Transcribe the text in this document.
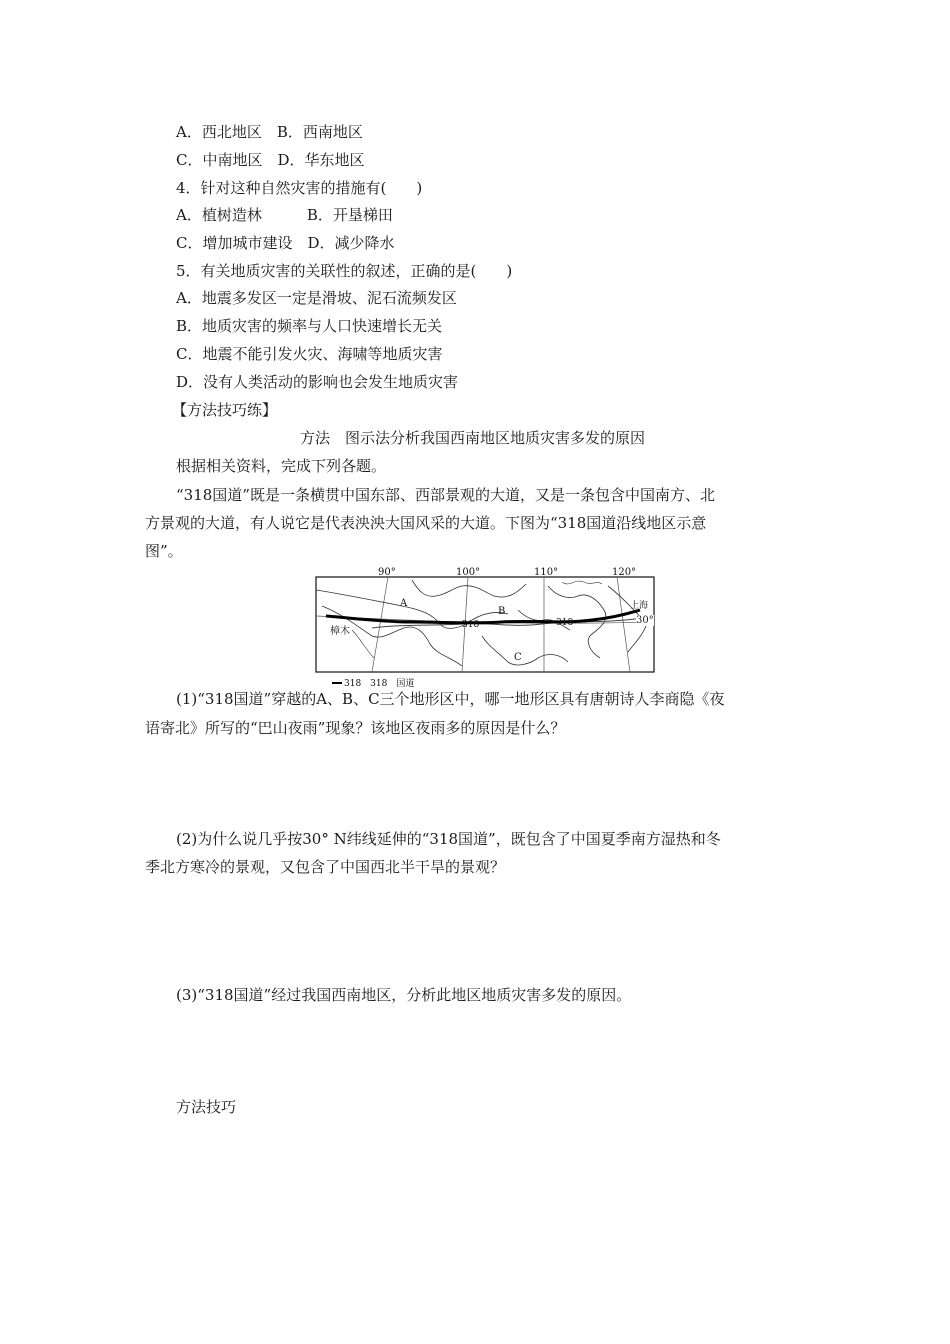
A．西北地区　B．西南地区
C．中南地区　D．华东地区
4．针对这种自然灾害的措施有(　　)
A．植树造林　　　B．开垦梯田
C．增加城市建设　D．减少降水
5．有关地质灾害的关联性的叙述，正确的是(　　)
A．地震多发区一定是滑坡、泥石流频发区
B．地质灾害的频率与人口快速增长无关
C．地震不能引发火灾、海啸等地质灾害
D．没有人类活动的影响也会发生地质灾害
【方法技巧练】
方法　图示法分析我国西南地区地质灾害多发的原因
根据相关资料，完成下列各题。
“318国道”既是一条横贯中国东部、西部景观的大道，又是一条包含中国南方、北
方景观的大道，有人说它是代表泱泱大国风采的大道。下图为“318国道沿线地区示意
图”。
90°	100°	110°	120°
A
B
C
318	318
樟木
上海
318　318　国道
30°
(1)“318国道”穿越的A、B、C三个地形区中，哪一地形区具有唐朝诗人李商隐《夜
语寄北》所写的“巴山夜雨”现象？该地区夜雨多的原因是什么？
(2)为什么说几乎按30° N纬线延伸的“318国道”，既包含了中国夏季南方湿热和冬
季北方寒冷的景观，又包含了中国西北半干旱的景观？
(3)“318国道”经过我国西南地区，分析此地区地质灾害多发的原因。
方法技巧
